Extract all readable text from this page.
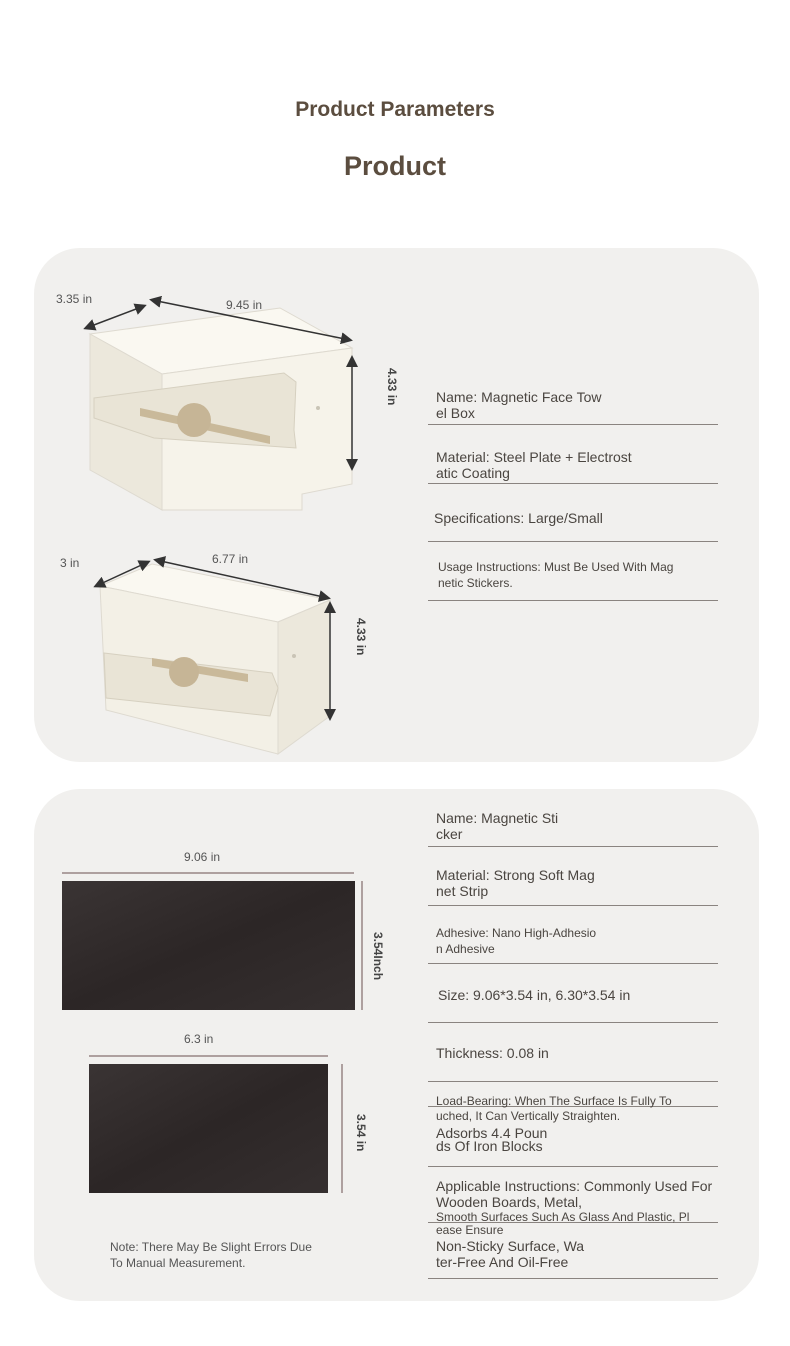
Product Parameters
Product
3.35 in	9.45 in
4.33 in
3 in	6.77 in
4.33 in
Name: Magnetic Face Tow
el Box
Material: Steel Plate + Electrost
atic Coating
Specifications: Large/Small
Usage Instructions: Must Be Used With Mag
netic Stickers.
9.06 in
3.54Inch
6.3 in
3.54 in
Note: There May Be Slight Errors Due
To Manual Measurement.
Name: Magnetic Sti
cker
Material: Strong Soft Mag
net Strip
Adhesive: Nano High-Adhesio
n Adhesive
Size: 9.06*3.54 in, 6.30*3.54 in
Thickness: 0.08 in
Load-Bearing: When The Surface Is Fully To
uched, It Can Vertically Straighten.
Adsorbs 4.4 Poun
ds Of Iron Blocks
Applicable Instructions: Commonly Used For
Wooden Boards, Metal,
Smooth Surfaces Such As Glass And Plastic, Pl
ease Ensure
Non-Sticky Surface, Wa
ter-Free And Oil-Free
